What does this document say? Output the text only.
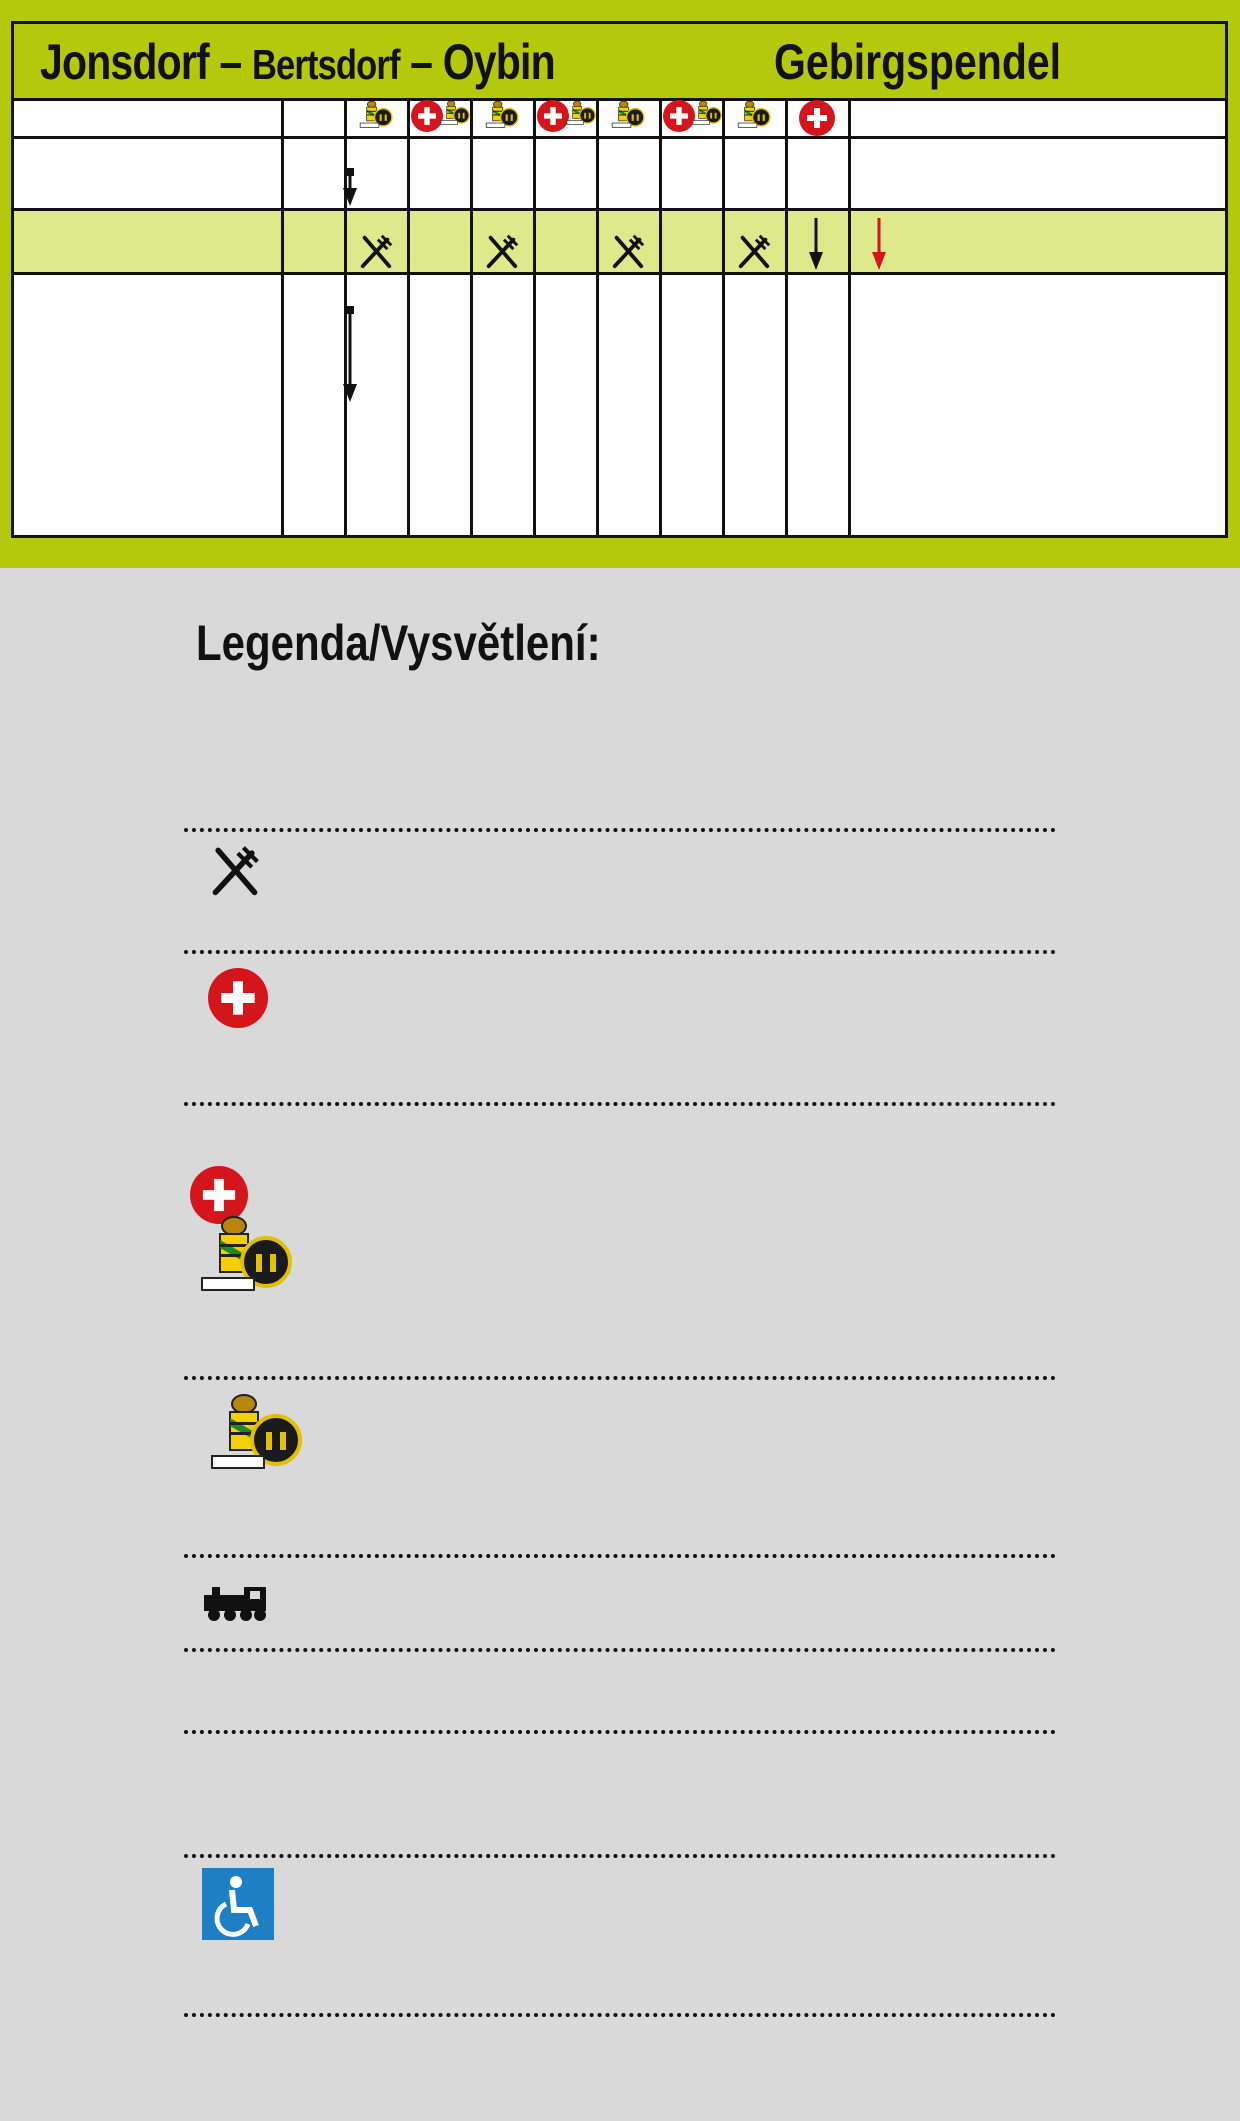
Jonsdorf – Bertsdorf – Oybin	Gebirgspendel
Legenda/Vysvětlení:
